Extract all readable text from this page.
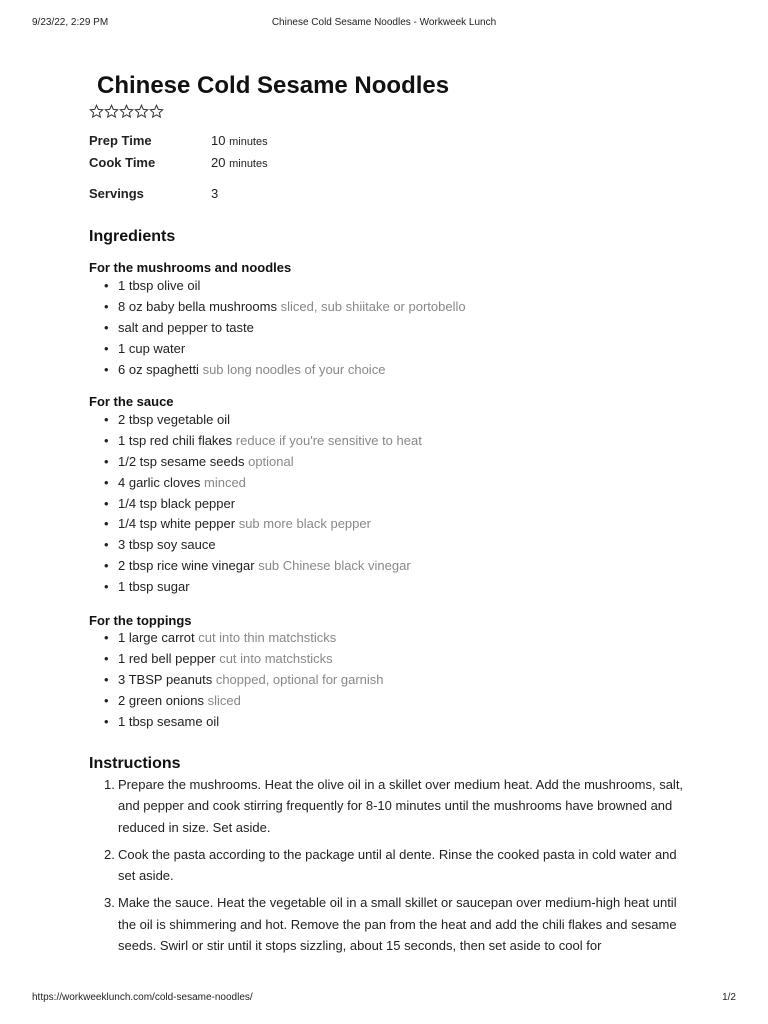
9/23/22, 2:29 PM	Chinese Cold Sesame Noodles - Workweek Lunch
Chinese Cold Sesame Noodles
Prep Time	10 minutes
Cook Time	20 minutes
Servings	3
Ingredients
For the mushrooms and noodles
• 1 tbsp olive oil
• 8 oz baby bella mushrooms sliced, sub shiitake or portobello
• salt and pepper to taste
• 1 cup water
• 6 oz spaghetti sub long noodles of your choice
For the sauce
• 2 tbsp vegetable oil
• 1 tsp red chili flakes reduce if you're sensitive to heat
• 1/2 tsp sesame seeds optional
• 4 garlic cloves minced
• 1/4 tsp black pepper
• 1/4 tsp white pepper sub more black pepper
• 3 tbsp soy sauce
• 2 tbsp rice wine vinegar sub Chinese black vinegar
• 1 tbsp sugar
For the toppings
• 1 large carrot cut into thin matchsticks
• 1 red bell pepper cut into matchsticks
• 3 TBSP peanuts chopped, optional for garnish
• 2 green onions sliced
• 1 tbsp sesame oil
Instructions
1. Prepare the mushrooms. Heat the olive oil in a skillet over medium heat. Add the mushrooms, salt, and pepper and cook stirring frequently for 8-10 minutes until the mushrooms have browned and reduced in size. Set aside.
2. Cook the pasta according to the package until al dente. Rinse the cooked pasta in cold water and set aside.
3. Make the sauce. Heat the vegetable oil in a small skillet or saucepan over medium-high heat until the oil is shimmering and hot. Remove the pan from the heat and add the chili flakes and sesame seeds. Swirl or stir until it stops sizzling, about 15 seconds, then set aside to cool for
https://workweeklunch.com/cold-sesame-noodles/	1/2
